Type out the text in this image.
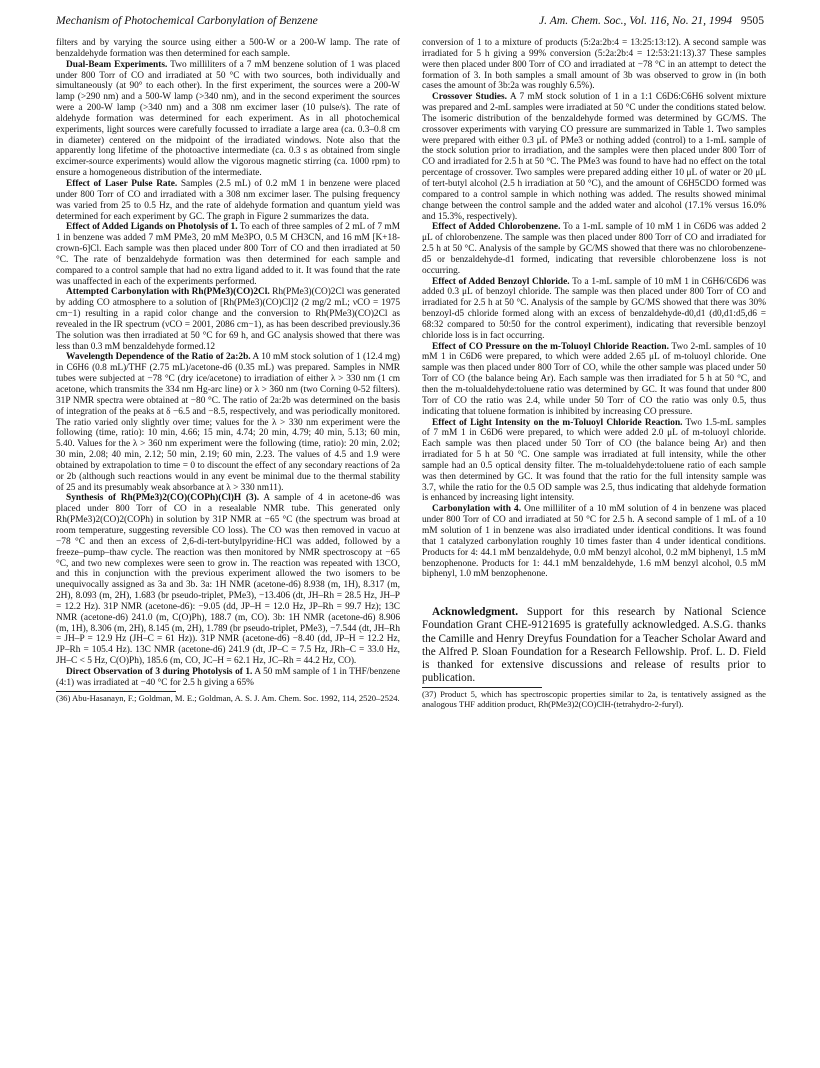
Mechanism of Photochemical Carbonylation of Benzene	J. Am. Chem. Soc., Vol. 116, No. 21, 1994 9505

filters and by varying the source using either a 500-W or a 200-W lamp. The rate of benzaldehyde formation was then determined for each sample.

Dual-Beam Experiments. Two milliliters of a 7 mM benzene solution of 1 was placed under 800 Torr of CO and irradiated at 50 °C with two sources, both individually and simultaneously (at 90° to each other). In the first experiment, the sources were a 200-W lamp (>290 nm) and a 500-W lamp (>340 nm), and in the second experiment the sources were a 200-W lamp (>340 nm) and a 308 nm excimer laser (10 pulse/s). The rate of aldehyde formation was determined for each experiment. As in all photochemical experiments, light sources were carefully focussed to irradiate a large area (ca. 0.3–0.8 cm in diameter) centered on the midpoint of the irradiated windows. Note also that the apparently long lifetime of the photoactive intermediate (ca. 0.3 s as obtained from single excimer-source experiments) would allow the vigorous magnetic stirring (ca. 1000 rpm) to ensure a homogeneous distribution of the intermediate.

Effect of Laser Pulse Rate. Samples (2.5 mL) of 0.2 mM 1 in benzene were placed under 800 Torr of CO and irradiated with a 308 nm excimer laser. The pulsing frequency was varied from 25 to 0.5 Hz, and the rate of aldehyde formation and quantum yield was determined for each experiment by GC. The graph in Figure 2 summarizes the data.

Effect of Added Ligands on Photolysis of 1. To each of three samples of 2 mL of 7 mM 1 in benzene was added 7 mM PMe3, 20 mM Me3PO, 0.5 M CH3CN, and 16 mM [K+18-crown-6]Cl. Each sample was then placed under 800 Torr of CO and then irradiated at 50 °C. The rate of benzaldehyde formation was then determined for each sample and compared to a control sample that had no extra ligand added to it. It was found that the rate was unaffected in each of the experiments performed.

Attempted Carbonylation with Rh(PMe3)(CO)2Cl. Rh(PMe3)(CO)2Cl was generated by adding CO atmosphere to a solution of [Rh(PMe3)(CO)Cl]2 (2 mg/2 mL; νCO = 1975 cm−1) resulting in a rapid color change and the conversion to Rh(PMe3)(CO)2Cl as revealed in the IR spectrum (νCO = 2001, 2086 cm−1), as has been described previously.36 The solution was then irradiated at 50 °C for 69 h, and GC analysis showed that there was less than 0.3 mM benzaldehyde formed.12

Wavelength Dependence of the Ratio of 2a:2b. A 10 mM stock solution of 1 (12.4 mg) in C6H6 (0.8 mL)/THF (2.75 mL)/acetone-d6 (0.35 mL) was prepared. Samples in NMR tubes were subjected at −78 °C (dry ice/acetone) to irradiation of either λ > 330 nm (1 cm acetone, which transmits the 334 nm Hg-arc line) or λ > 360 nm (two Corning 0-52 filters). 31P NMR spectra were obtained at −80 °C. The ratio of 2a:2b was determined on the basis of integration of the peaks at δ −6.5 and −8.5, respectively, and was periodically monitored. The ratio varied only slightly over time; values for the λ > 330 nm experiment were the following (time, ratio): 10 min, 4.66; 15 min, 4.74; 20 min, 4.79; 40 min, 5.13; 60 min, 5.40. Values for the λ > 360 nm experiment were the following (time, ratio): 20 min, 2.02; 30 min, 2.08; 40 min, 2.12; 50 min, 2.19; 60 min, 2.23. The values of 4.5 and 1.9 were obtained by extrapolation to time = 0 to discount the effect of any secondary reactions of 2a or 2b (although such reactions would in any event be minimal due to the thermal stability of 25 and its presumably weak absorbance at λ > 330 nm11).

Synthesis of Rh(PMe3)2(CO)(COPh)(Cl)H (3). A sample of 4 in acetone-d6 was placed under 800 Torr of CO in a resealable NMR tube. This generated only Rh(PMe3)2(CO)2(COPh) in solution by 31P NMR at −65 °C (the spectrum was broad at room temperature, suggesting reversible CO loss). The CO was then removed in vacuo at −78 °C and then an excess of 2,6-di-tert-butylpyridine·HCl was added, followed by a freeze–pump–thaw cycle. The reaction was then monitored by NMR spectroscopy at −65 °C, and two new complexes were seen to grow in. The reaction was repeated with 13CO, and this in conjunction with the previous experiment allowed the two isomers to be unequivocally assigned as 3a and 3b. 3a: 1H NMR (acetone-d6) 8.938 (m, 1H), 8.317 (m, 2H), 8.093 (m, 2H), 1.683 (br pseudo-triplet, PMe3), −13.406 (dt, JH–Rh = 28.5 Hz, JH–P = 12.2 Hz). 31P NMR (acetone-d6): −9.05 (dd, JP–H = 12.0 Hz, JP–Rh = 99.7 Hz); 13C NMR (acetone-d6) 241.0 (m, C(O)Ph), 188.7 (m, CO). 3b: 1H NMR (acetone-d6) 8.906 (m, 1H), 8.306 (m, 2H), 8.145 (m, 2H), 1.789 (br pseudo-triplet, PMe3), −7.544 (dt, JH–Rh = JH–P = 12.9 Hz (JH–C = 61 Hz)). 31P NMR (acetone-d6) −8.40 (dd, JP–H = 12.2 Hz, JP–Rh = 105.4 Hz). 13C NMR (acetone-d6) 241.9 (dt, JP–C = 7.5 Hz, JRh–C = 33.0 Hz, JH–C < 5 Hz, C(O)Ph), 185.6 (m, CO, JC–H = 62.1 Hz, JC–Rh = 44.2 Hz, CO).

Direct Observation of 3 during Photolysis of 1. A 50 mM sample of 1 in THF/benzene (4:1) was irradiated at −40 °C for 2.5 h giving a 65%

(36) Abu-Hasanayn, F.; Goldman, M. E.; Goldman, A. S. J. Am. Chem. Soc. 1992, 114, 2520–2524.

conversion of 1 to a mixture of products (5:2a:2b:4 = 13:25:13:12). A second sample was irradiated for 5 h giving a 99% conversion (5:2a:2b:4 = 12:53:21:13).37 These samples were then placed under 800 Torr of CO and irradiated at −78 °C in an attempt to detect the formation of 3. In both samples a small amount of 3b was observed to grow in (in both cases the amount of 3b:2a was roughly 6.5%).

Crossover Studies. A 7 mM stock solution of 1 in a 1:1 C6D6:C6H6 solvent mixture was prepared and 2-mL samples were irradiated at 50 °C under the conditions stated below. The isomeric distribution of the benzaldehyde formed was determined by GC/MS. The crossover experiments with varying CO pressure are summarized in Table 1. Two samples were prepared with either 0.3 μL of PMe3 or nothing added (control) to a 1-mL sample of the stock solution prior to irradiation, and the samples were then placed under 800 Torr of CO and irradiated for 2.5 h at 50 °C. The PMe3 was found to have had no effect on the total percentage of crossover. Two samples were prepared adding either 10 μL of water or 20 μL of tert-butyl alcohol (2.5 h irradiation at 50 °C), and the amount of C6H5CDO formed was compared to a control sample in which nothing was added. The results showed minimal change between the control sample and the added water and alcohol (17.1% versus 16.0% and 15.3%, respectively).

Effect of Added Chlorobenzene. To a 1-mL sample of 10 mM 1 in C6D6 was added 2 μL of chlorobenzene. The sample was then placed under 800 Torr of CO and irradiated for 2.5 h at 50 °C. Analysis of the sample by GC/MS showed that there was no chlorobenzene-d5 or benzaldehyde-d1 formed, indicating that reversible chlorobenzene loss is not occurring.

Effect of Added Benzoyl Chloride. To a 1-mL sample of 10 mM 1 in C6H6/C6D6 was added 0.3 μL of benzoyl chloride. The sample was then placed under 800 Torr of CO and irradiated for 2.5 h at 50 °C. Analysis of the sample by GC/MS showed that there was 30% benzoyl-d5 chloride formed along with an excess of benzaldehyde-d0,d1 (d0,d1:d5,d6 = 68:32 compared to 50:50 for the control experiment), indicating that reversible benzoyl chloride loss is in fact occurring.

Effect of CO Pressure on the m-Toluoyl Chloride Reaction. Two 2-mL samples of 10 mM 1 in C6D6 were prepared, to which were added 2.65 μL of m-toluoyl chloride. One sample was then placed under 800 Torr of CO, while the other sample was placed under 50 Torr of CO (the balance being Ar). Each sample was then irradiated for 5 h at 50 °C, and then the m-tolualdehyde:toluene ratio was determined by GC. It was found that under 800 Torr of CO the ratio was 2.4, while under 50 Torr of CO the ratio was only 0.5, thus indicating that toluene formation is inhibited by increasing CO pressure.

Effect of Light Intensity on the m-Toluoyl Chloride Reaction. Two 1.5-mL samples of 7 mM 1 in C6D6 were prepared, to which were added 2.0 μL of m-toluoyl chloride. Each sample was then placed under 50 Torr of CO (the balance being Ar) and then irradiated for 5 h at 50 °C. One sample was irradiated at full intensity, while the other sample had an 0.5 optical density filter. The m-tolualdehyde:toluene ratio of each sample was then determined by GC. It was found that the ratio for the full intensity sample was 3.7, while the ratio for the 0.5 OD sample was 2.5, thus indicating that aldehyde formation is enhanced by increasing light intensity.

Carbonylation with 4. One milliliter of a 10 mM solution of 4 in benzene was placed under 800 Torr of CO and irradiated at 50 °C for 2.5 h. A second sample of 1 mL of a 10 mM solution of 1 in benzene was also irradiated under identical conditions. It was found that 1 catalyzed carbonylation roughly 10 times faster than 4 under identical conditions. Products for 4: 44.1 mM benzaldehyde, 0.0 mM benzyl alcohol, 0.2 mM biphenyl, 1.5 mM benzophenone. Products for 1: 44.1 mM benzaldehyde, 1.6 mM benzyl alcohol, 0.5 mM biphenyl, 1.0 mM benzophenone.

Acknowledgment. Support for this research by National Science Foundation Grant CHE-9121695 is gratefully acknowledged. A.S.G. thanks the Camille and Henry Dreyfus Foundation for a Teacher Scholar Award and the Alfred P. Sloan Foundation for a Research Fellowship. Prof. L. D. Field is thanked for extensive discussions and release of results prior to publication.

(37) Product 5, which has spectroscopic properties similar to 2a, is tentatively assigned as the analogous THF addition product, Rh(PMe3)2(CO)ClH-(tetrahydro-2-furyl).
